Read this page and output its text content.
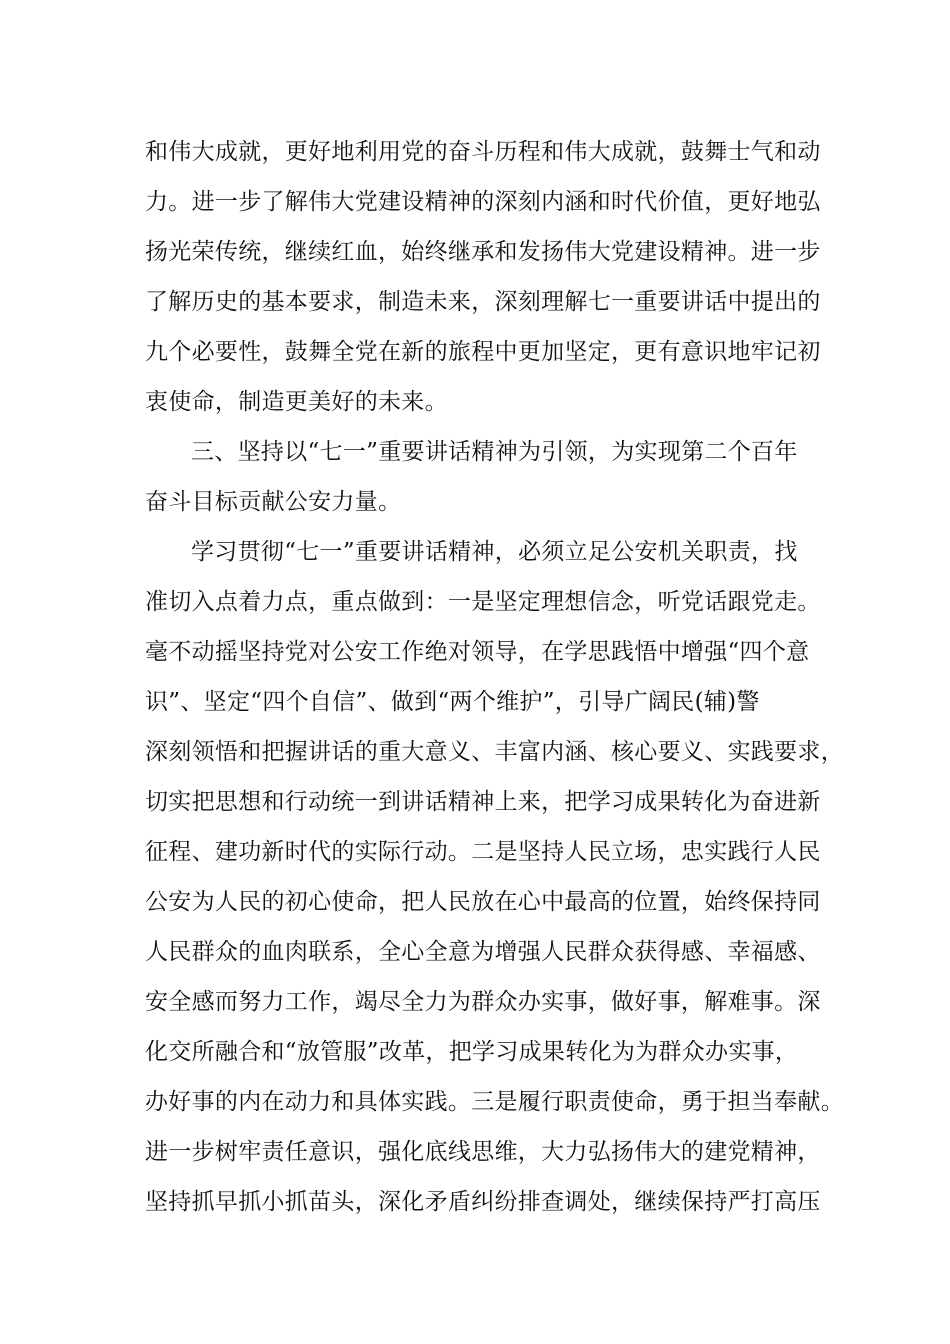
和伟大成就，更好地利用党的奋斗历程和伟大成就，鼓舞士气和动
力。进一步了解伟大党建设精神的深刻内涵和时代价值，更好地弘
扬光荣传统，继续红血，始终继承和发扬伟大党建设精神。进一步
了解历史的基本要求，制造未来，深刻理解七一重要讲话中提出的
九个必要性，鼓舞全党在新的旅程中更加坚定，更有意识地牢记初
衷使命，制造更美好的未来。
三、坚持以“七一”重要讲话精神为引领，为实现第二个百年
奋斗目标贡献公安力量。
学习贯彻“七一”重要讲话精神，必须立足公安机关职责，找
准切入点着力点，重点做到：一是坚定理想信念，听党话跟党走。
毫不动摇坚持党对公安工作绝对领导，在学思践悟中增强“四个意
识”、坚定“四个自信”、做到“两个维护”，引导广阔民(辅)警
深刻领悟和把握讲话的重大意义、丰富内涵、核心要义、实践要求，
切实把思想和行动统一到讲话精神上来，把学习成果转化为奋进新
征程、建功新时代的实际行动。二是坚持人民立场，忠实践行人民
公安为人民的初心使命，把人民放在心中最高的位置，始终保持同
人民群众的血肉联系，全心全意为增强人民群众获得感、幸福感、
安全感而努力工作，竭尽全力为群众办实事，做好事，解难事。深
化交所融合和“放管服”改革，把学习成果转化为为群众办实事，
办好事的内在动力和具体实践。三是履行职责使命，勇于担当奉献。
进一步树牢责任意识，强化底线思维，大力弘扬伟大的建党精神，
坚持抓早抓小抓苗头，深化矛盾纠纷排查调处，继续保持严打高压
